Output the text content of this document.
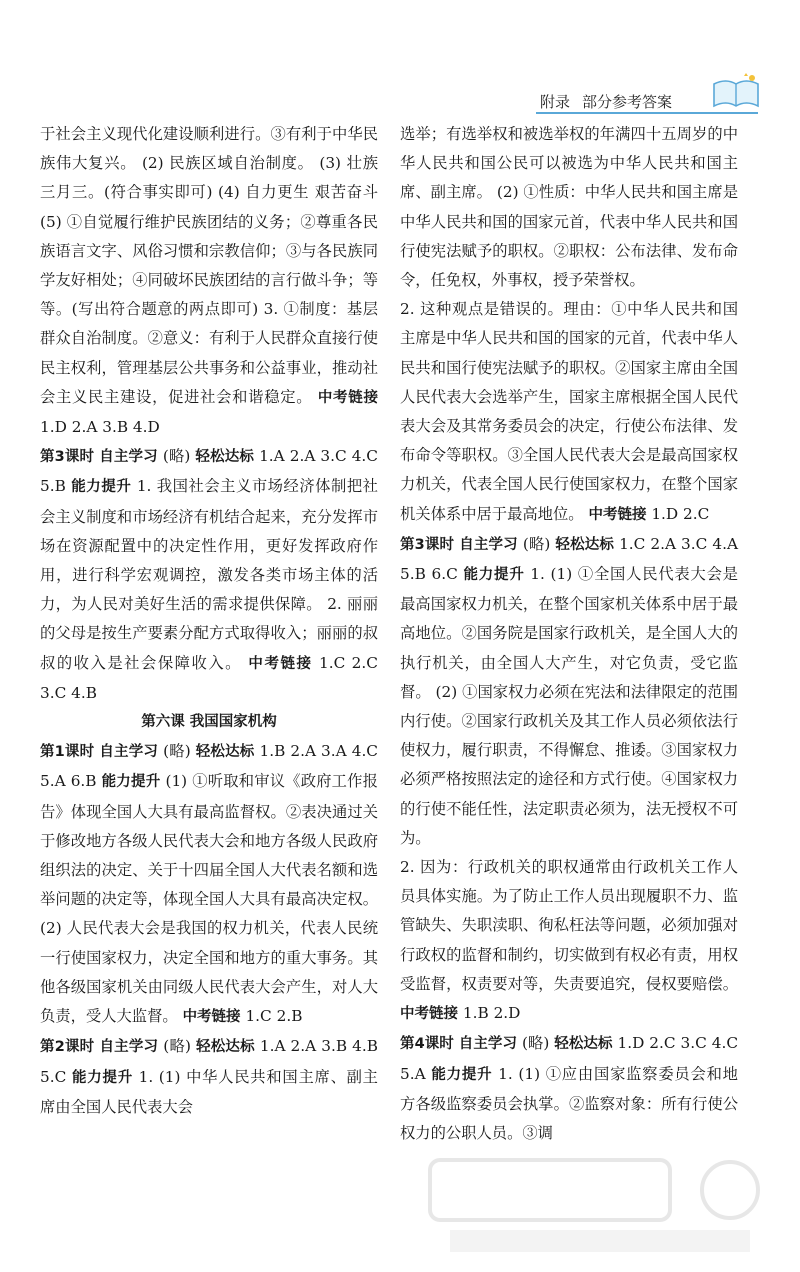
附录 部分参考答案

于社会主义现代化建设顺利进行。③有利于中华民族伟大复兴。 (2) 民族区域自治制度。 (3) 壮族三月三。(符合事实即可) (4) 自力更生 艰苦奋斗 (5) ①自觉履行维护民族团结的义务；②尊重各民族语言文字、风俗习惯和宗教信仰；③与各民族同学友好相处；④同破坏民族团结的言行做斗争；等等。(写出符合题意的两点即可) 3. ①制度：基层群众自治制度。②意义：有利于人民群众直接行使民主权利，管理基层公共事务和公益事业，推动社会主义民主建设，促进社会和谐稳定。 中考链接 1.D 2.A 3.B 4.D

第3课时 自主学习 (略) 轻松达标 1.A 2.A 3.C 4.C 5.B 能力提升 1. 我国社会主义市场经济体制把社会主义制度和市场经济有机结合起来，充分发挥市场在资源配置中的决定性作用，更好发挥政府作用，进行科学宏观调控，激发各类市场主体的活力，为人民对美好生活的需求提供保障。 2. 丽丽的父母是按生产要素分配方式取得收入；丽丽的叔叔的收入是社会保障收入。 中考链接 1.C 2.C 3.C 4.B

第六课 我国国家机构

第1课时 自主学习 (略) 轻松达标 1.B 2.A 3.A 4.C 5.A 6.B 能力提升 (1) ①听取和审议《政府工作报告》体现全国人大具有最高监督权。②表决通过关于修改地方各级人民代表大会和地方各级人民政府组织法的决定、关于十四届全国人大代表名额和选举问题的决定等，体现全国人大具有最高决定权。 (2) 人民代表大会是我国的权力机关，代表人民统一行使国家权力，决定全国和地方的重大事务。其他各级国家机关由同级人民代表大会产生，对人大负责，受人大监督。 中考链接 1.C 2.B

第2课时 自主学习 (略) 轻松达标 1.A 2.A 3.B 4.B 5.C 能力提升 1. (1) 中华人民共和国主席、副主席由全国人民代表大会

选举；有选举权和被选举权的年满四十五周岁的中华人民共和国公民可以被选为中华人民共和国主席、副主席。 (2) ①性质：中华人民共和国主席是中华人民共和国的国家元首，代表中华人民共和国行使宪法赋予的职权。②职权：公布法律、发布命令，任免权，外事权，授予荣誉权。

2. 这种观点是错误的。理由：①中华人民共和国主席是中华人民共和国的国家的元首，代表中华人民共和国行使宪法赋予的职权。②国家主席由全国人民代表大会选举产生，国家主席根据全国人民代表大会及其常务委员会的决定，行使公布法律、发布命令等职权。③全国人民代表大会是最高国家权力机关，代表全国人民行使国家权力，在整个国家机关体系中居于最高地位。 中考链接 1.D 2.C

第3课时 自主学习 (略) 轻松达标 1.C 2.A 3.C 4.A 5.B 6.C 能力提升 1. (1) ①全国人民代表大会是最高国家权力机关，在整个国家机关体系中居于最高地位。②国务院是国家行政机关，是全国人大的执行机关，由全国人大产生，对它负责，受它监督。 (2) ①国家权力必须在宪法和法律限定的范围内行使。②国家行政机关及其工作人员必须依法行使权力，履行职责，不得懈怠、推诿。③国家权力必须严格按照法定的途径和方式行使。④国家权力的行使不能任性，法定职责必须为，法无授权不可为。

2. 因为：行政机关的职权通常由行政机关工作人员具体实施。为了防止工作人员出现履职不力、监管缺失、失职渎职、徇私枉法等问题，必须加强对行政权的监督和制约，切实做到有权必有责，用权受监督，权责要对等，失责要追究，侵权要赔偿。 中考链接 1.B 2.D

第4课时 自主学习 (略) 轻松达标 1.D 2.C 3.C 4.C 5.A 能力提升 1. (1) ①应由国家监察委员会和地方各级监察委员会执掌。②监察对象：所有行使公权力的公职人员。③调
